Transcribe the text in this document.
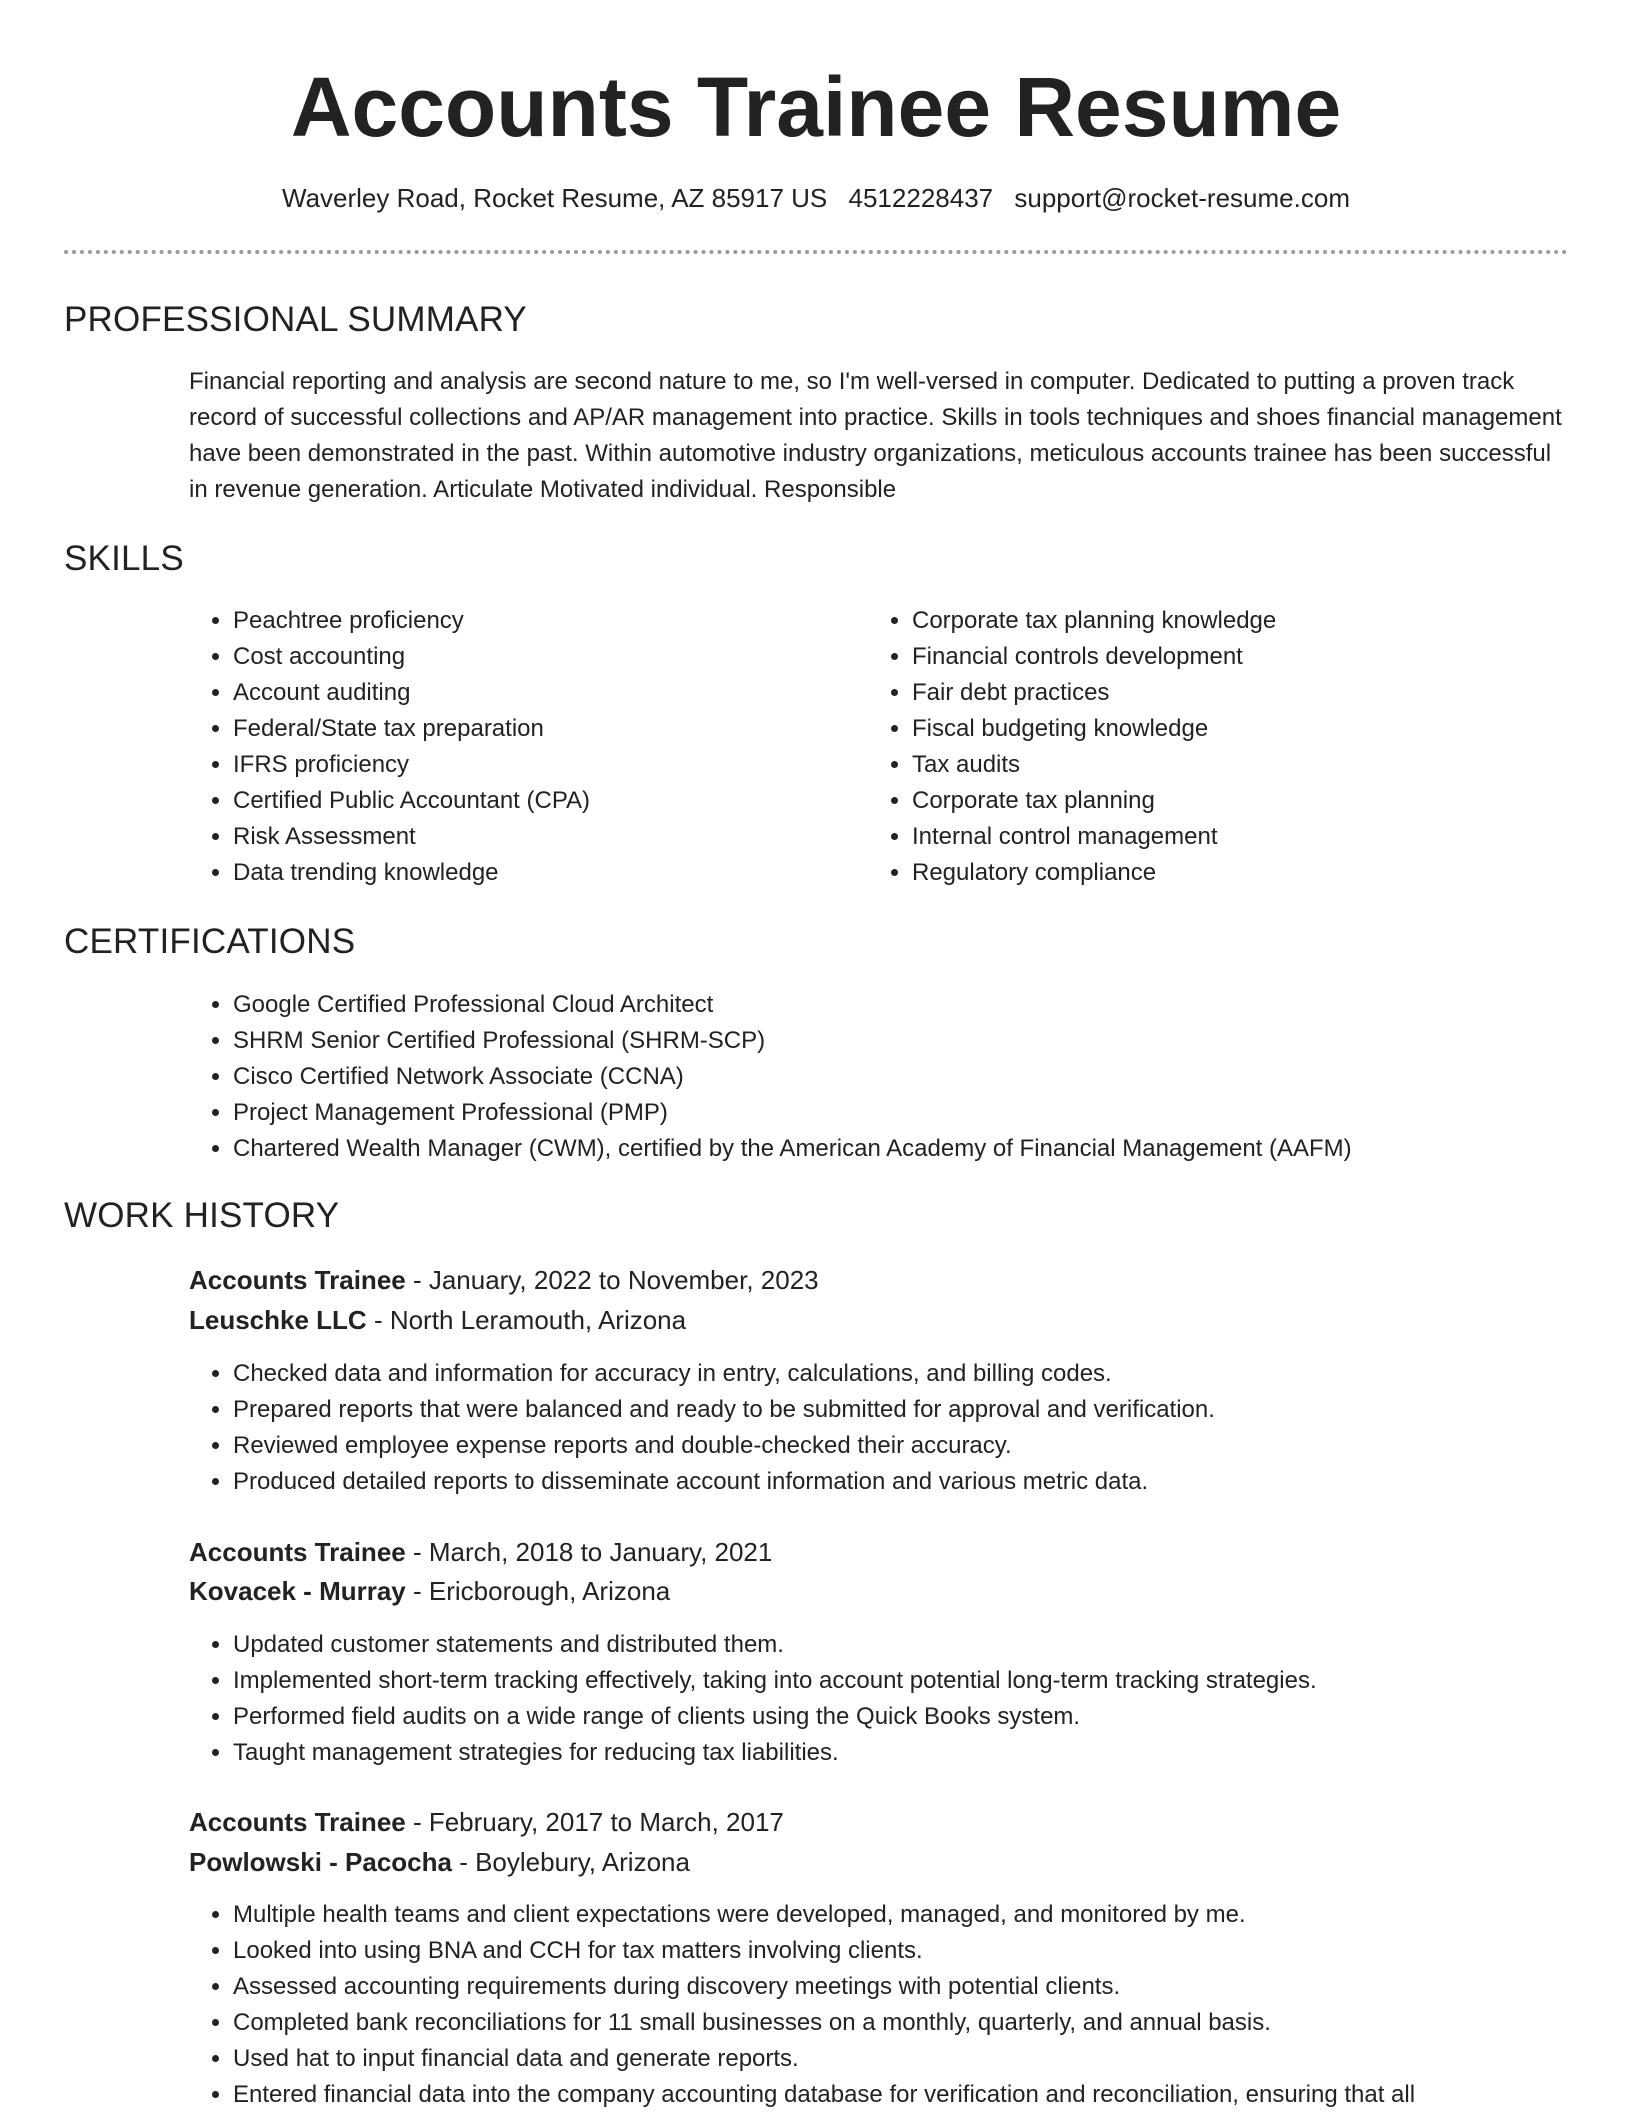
Accounts Trainee Resume
Waverley Road, Rocket Resume, AZ 85917 US 4512228437 support@rocket-resume.com
PROFESSIONAL SUMMARY

Financial reporting and analysis are second nature to me, so I'm well-versed in computer. Dedicated to putting a proven track record of successful collections and AP/AR management into practice. Skills in tools techniques and shoes financial management have been demonstrated in the past. Within automotive industry organizations, meticulous accounts trainee has been successful in revenue generation. Articulate Motivated individual. Responsible

SKILLS
• Peachtree proficiency
• Cost accounting
• Account auditing
• Federal/State tax preparation
• IFRS proficiency
• Certified Public Accountant (CPA)
• Risk Assessment
• Data trending knowledge
• Corporate tax planning knowledge
• Financial controls development
• Fair debt practices
• Fiscal budgeting knowledge
• Tax audits
• Corporate tax planning
• Internal control management
• Regulatory compliance
CERTIFICATIONS
• Google Certified Professional Cloud Architect
• SHRM Senior Certified Professional (SHRM-SCP)
• Cisco Certified Network Associate (CCNA)
• Project Management Professional (PMP)
• Chartered Wealth Manager (CWM), certified by the American Academy of Financial Management (AAFM)
WORK HISTORY
Accounts Trainee - January, 2022 to November, 2023
Leuschke LLC - North Leramouth, Arizona
• Checked data and information for accuracy in entry, calculations, and billing codes.
• Prepared reports that were balanced and ready to be submitted for approval and verification.
• Reviewed employee expense reports and double-checked their accuracy.
• Produced detailed reports to disseminate account information and various metric data.
Accounts Trainee - March, 2018 to January, 2021
Kovacek - Murray - Ericborough, Arizona
• Updated customer statements and distributed them.
• Implemented short-term tracking effectively, taking into account potential long-term tracking strategies.
• Performed field audits on a wide range of clients using the Quick Books system.
• Taught management strategies for reducing tax liabilities.
Accounts Trainee - February, 2017 to March, 2017
Powlowski - Pacocha - Boylebury, Arizona
• Multiple health teams and client expectations were developed, managed, and monitored by me.
• Looked into using BNA and CCH for tax matters involving clients.
• Assessed accounting requirements during discovery meetings with potential clients.
• Completed bank reconciliations for 11 small businesses on a monthly, quarterly, and annual basis.
• Used hat to input financial data and generate reports.
• Entered financial data into the company accounting database for verification and reconciliation, ensuring that all
